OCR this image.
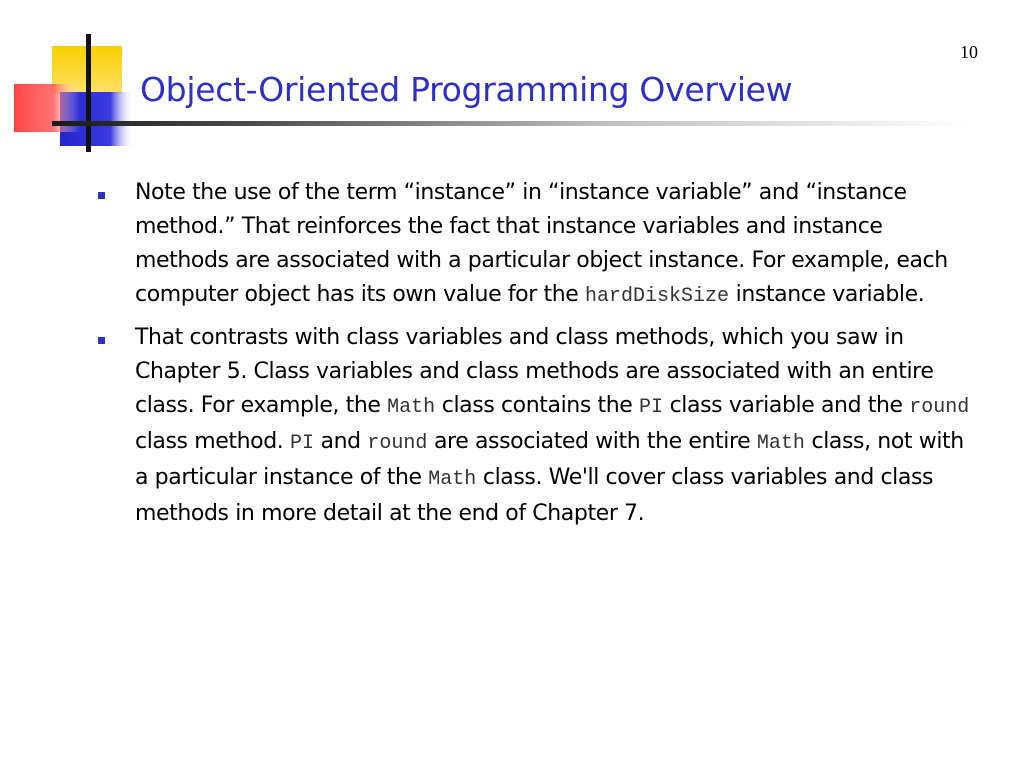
10
Object-Oriented Programming Overview
Note the use of the term “instance” in “instance variable” and “instance method.” That reinforces the fact that instance variables and instance methods are associated with a particular object instance. For example, each computer object has its own value for the hardDiskSize instance variable.
That contrasts with class variables and class methods, which you saw in Chapter 5. Class variables and class methods are associated with an entire class. For example, the Math class contains the PI class variable and the round class method. PI and round are associated with the entire Math class, not with a particular instance of the Math class. We'll cover class variables and class methods in more detail at the end of Chapter 7.
